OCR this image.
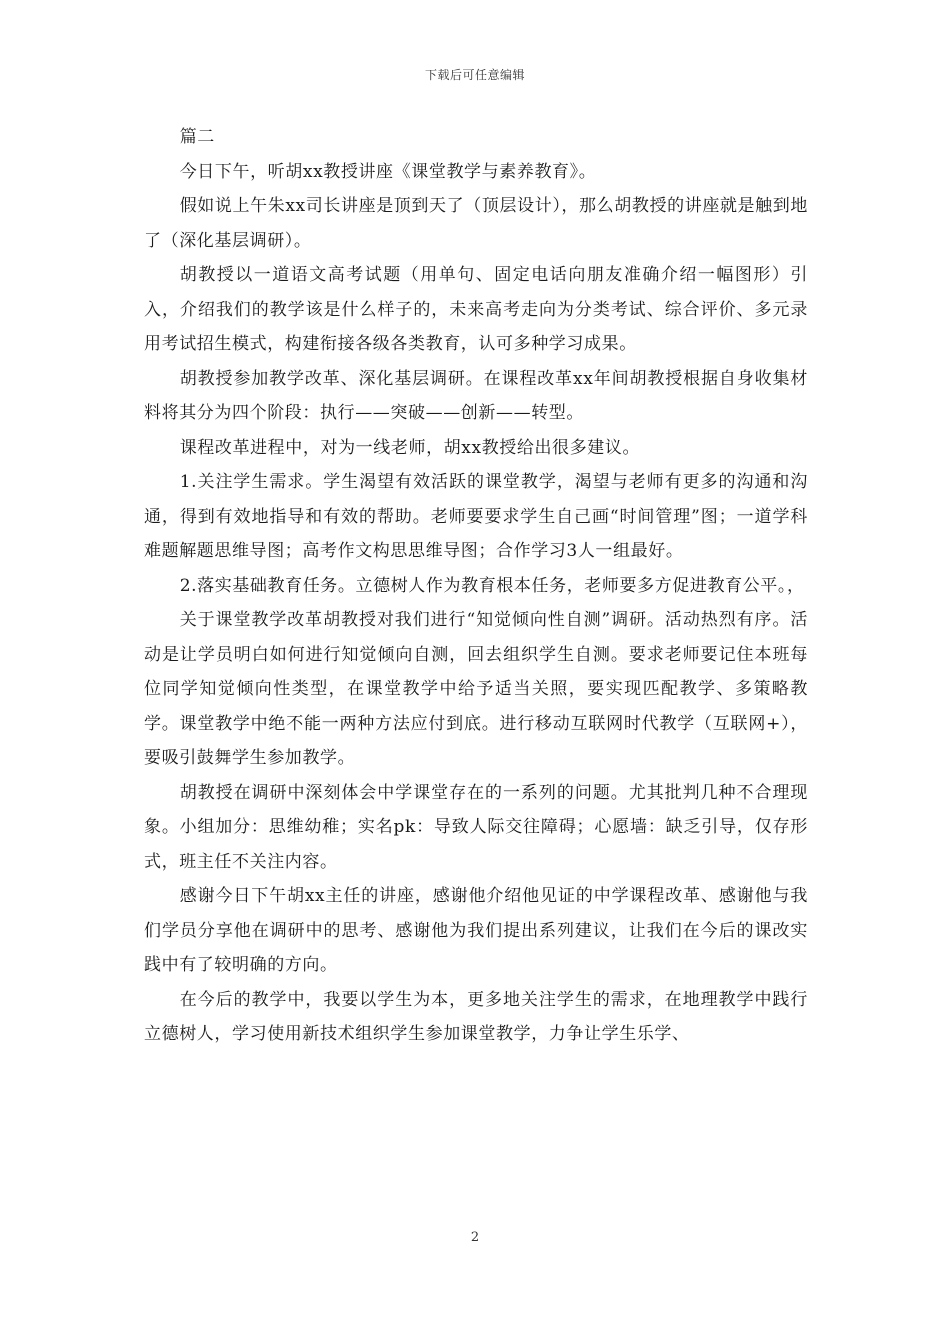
下载后可任意编辑

篇二

今日下午，听胡xx教授讲座《课堂教学与素养教育》。

假如说上午朱xx司长讲座是顶到天了（顶层设计），那么胡教授的讲座就是触到地了（深化基层调研）。

胡教授以一道语文高考试题（用单句、固定电话向朋友准确介绍一幅图形）引入，介绍我们的教学该是什么样子的，未来高考走向为分类考试、综合评价、多元录用考试招生模式，构建衔接各级各类教育，认可多种学习成果。

胡教授参加教学改革、深化基层调研。在课程改革xx年间胡教授根据自身收集材料将其分为四个阶段：执行——突破——创新——转型。

课程改革进程中，对为一线老师，胡xx教授给出很多建议。

1.关注学生需求。学生渴望有效活跃的课堂教学，渴望与老师有更多的沟通和沟通，得到有效地指导和有效的帮助。老师要要求学生自己画“时间管理”图；一道学科难题解题思维导图；高考作文构思思维导图；合作学习3人一组最好。

2.落实基础教育任务。立德树人作为教育根本任务，老师要多方促进教育公平。，

关于课堂教学改革胡教授对我们进行“知觉倾向性自测”调研。活动热烈有序。活动是让学员明白如何进行知觉倾向自测，回去组织学生自测。要求老师要记住本班每位同学知觉倾向性类型，在课堂教学中给予适当关照，要实现匹配教学、多策略教学。课堂教学中绝不能一两种方法应付到底。进行移动互联网时代教学（互联网+），要吸引鼓舞学生参加教学。

胡教授在调研中深刻体会中学课堂存在的一系列的问题。尤其批判几种不合理现象。小组加分：思维幼稚；实名pk：导致人际交往障碍；心愿墙：缺乏引导，仅存形式，班主任不关注内容。

感谢今日下午胡xx主任的讲座，感谢他介绍他见证的中学课程改革、感谢他与我们学员分享他在调研中的思考、感谢他为我们提出系列建议，让我们在今后的课改实践中有了较明确的方向。

在今后的教学中，我要以学生为本，更多地关注学生的需求，在地理教学中践行立德树人，学习使用新技术组织学生参加课堂教学，力争让学生乐学、

2
